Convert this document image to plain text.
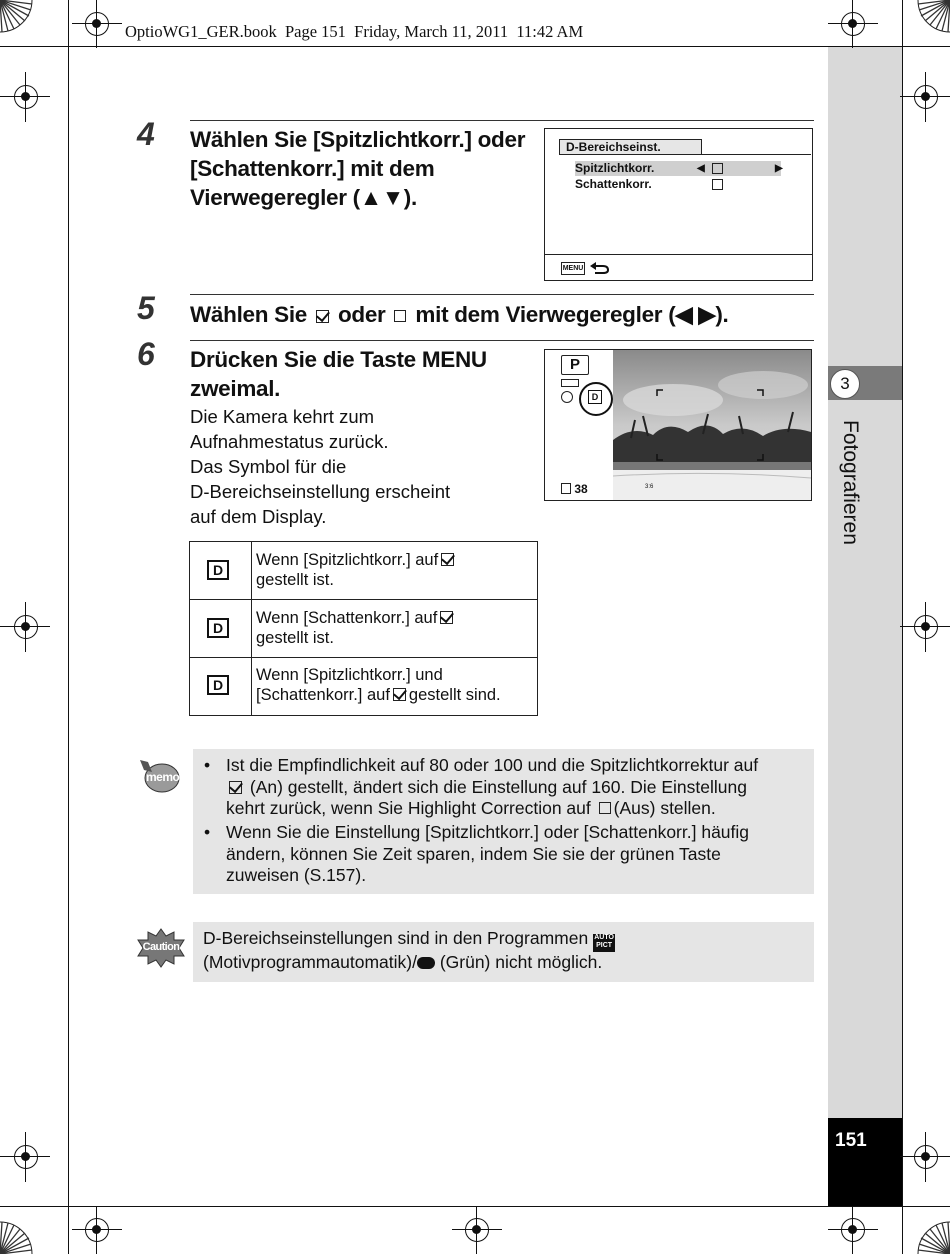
3
Fotografieren
151
OptioWG1_GER.book  Page 151  Friday, March 11, 2011  11:42 AM
4 Wählen Sie [Spitzlichtkorr.] oder
[Schattenkorr.] mit dem
Vierwegeregler (▲▼).
D-Bereichseinst.
Spitzlichtkorr.	◀	▶
Schattenkorr.
MENU
5 Wählen Sie oder mit dem Vierwegeregler (◀ ▶).
6 Drücken Sie die Taste MENU
zweimal.
Die Kamera kehrt zum
Aufnahmestatus zurück.
Das Symbol für die
D-Bereichseinstellung erscheint
auf dem Display.
P
D
38	3:6
D
Wenn [Spitzlichtkorr.] auf
gestellt ist.
D
Wenn [Schattenkorr.] auf
gestellt ist.
D
Wenn [Spitzlichtkorr.] und
[Schattenkorr.] auf gestellt sind.
memo
• Ist die Empfindlichkeit auf 80 oder 100 und die Spitzlichtkorrektur auf
(An) gestellt, ändert sich die Einstellung auf 160. Die Einstellung
kehrt zurück, wenn Sie Highlight Correction auf (Aus) stellen.
• Wenn Sie die Einstellung [Spitzlichtkorr.] oder [Schattenkorr.] häufig
ändern, können Sie Zeit sparen, indem Sie sie der grünen Taste
zuweisen (S.157).
Caution D-Bereichseinstellungen sind in den Programmen AUTO
PICT
(Motivprogrammautomatik)/ (Grün) nicht möglich.
